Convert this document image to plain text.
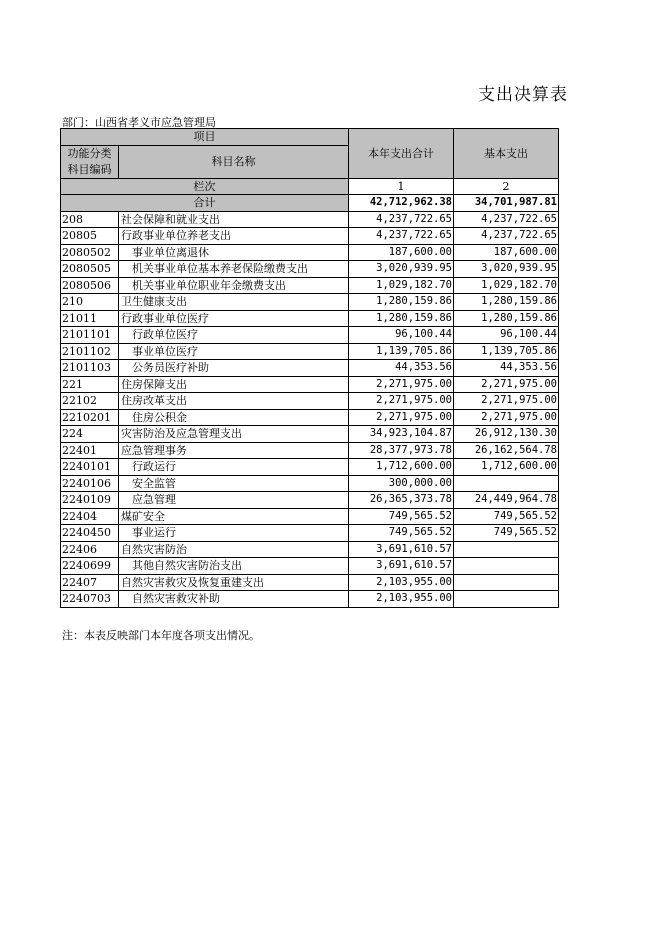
支出决算表
部门：山西省孝义市应急管理局
项目		本年支出合计	基本支出
功能分类
科目编码	科目名称		

栏次		1	2
合计		42,712,962.38	34,701,987.81
208	社会保障和就业支出	4,237,722.65	4,237,722.65
20805	行政事业单位养老支出	4,237,722.65	4,237,722.65
2080502	　事业单位离退休	187,600.00	187,600.00
2080505	　机关事业单位基本养老保险缴费支出	3,020,939.95	3,020,939.95
2080506	　机关事业单位职业年金缴费支出	1,029,182.70	1,029,182.70
210	卫生健康支出	1,280,159.86	1,280,159.86
21011	行政事业单位医疗	1,280,159.86	1,280,159.86
2101101	　行政单位医疗	96,100.44	96,100.44
2101102	　事业单位医疗	1,139,705.86	1,139,705.86
2101103	　公务员医疗补助	44,353.56	44,353.56
221	住房保障支出	2,271,975.00	2,271,975.00
22102	住房改革支出	2,271,975.00	2,271,975.00
2210201	　住房公积金	2,271,975.00	2,271,975.00
224	灾害防治及应急管理支出	34,923,104.87	26,912,130.30
22401	应急管理事务	28,377,973.78	26,162,564.78
2240101	　行政运行	1,712,600.00	1,712,600.00
2240106	　安全监管	300,000.00	
2240109	　应急管理	26,365,373.78	24,449,964.78
22404	煤矿安全	749,565.52	749,565.52
2240450	　事业运行	749,565.52	749,565.52
22406	自然灾害防治	3,691,610.57	
2240699	　其他自然灾害防治支出	3,691,610.57	
22407	自然灾害救灾及恢复重建支出	2,103,955.00	
2240703	　自然灾害救灾补助	2,103,955.00	
注：本表反映部门本年度各项支出情况。
